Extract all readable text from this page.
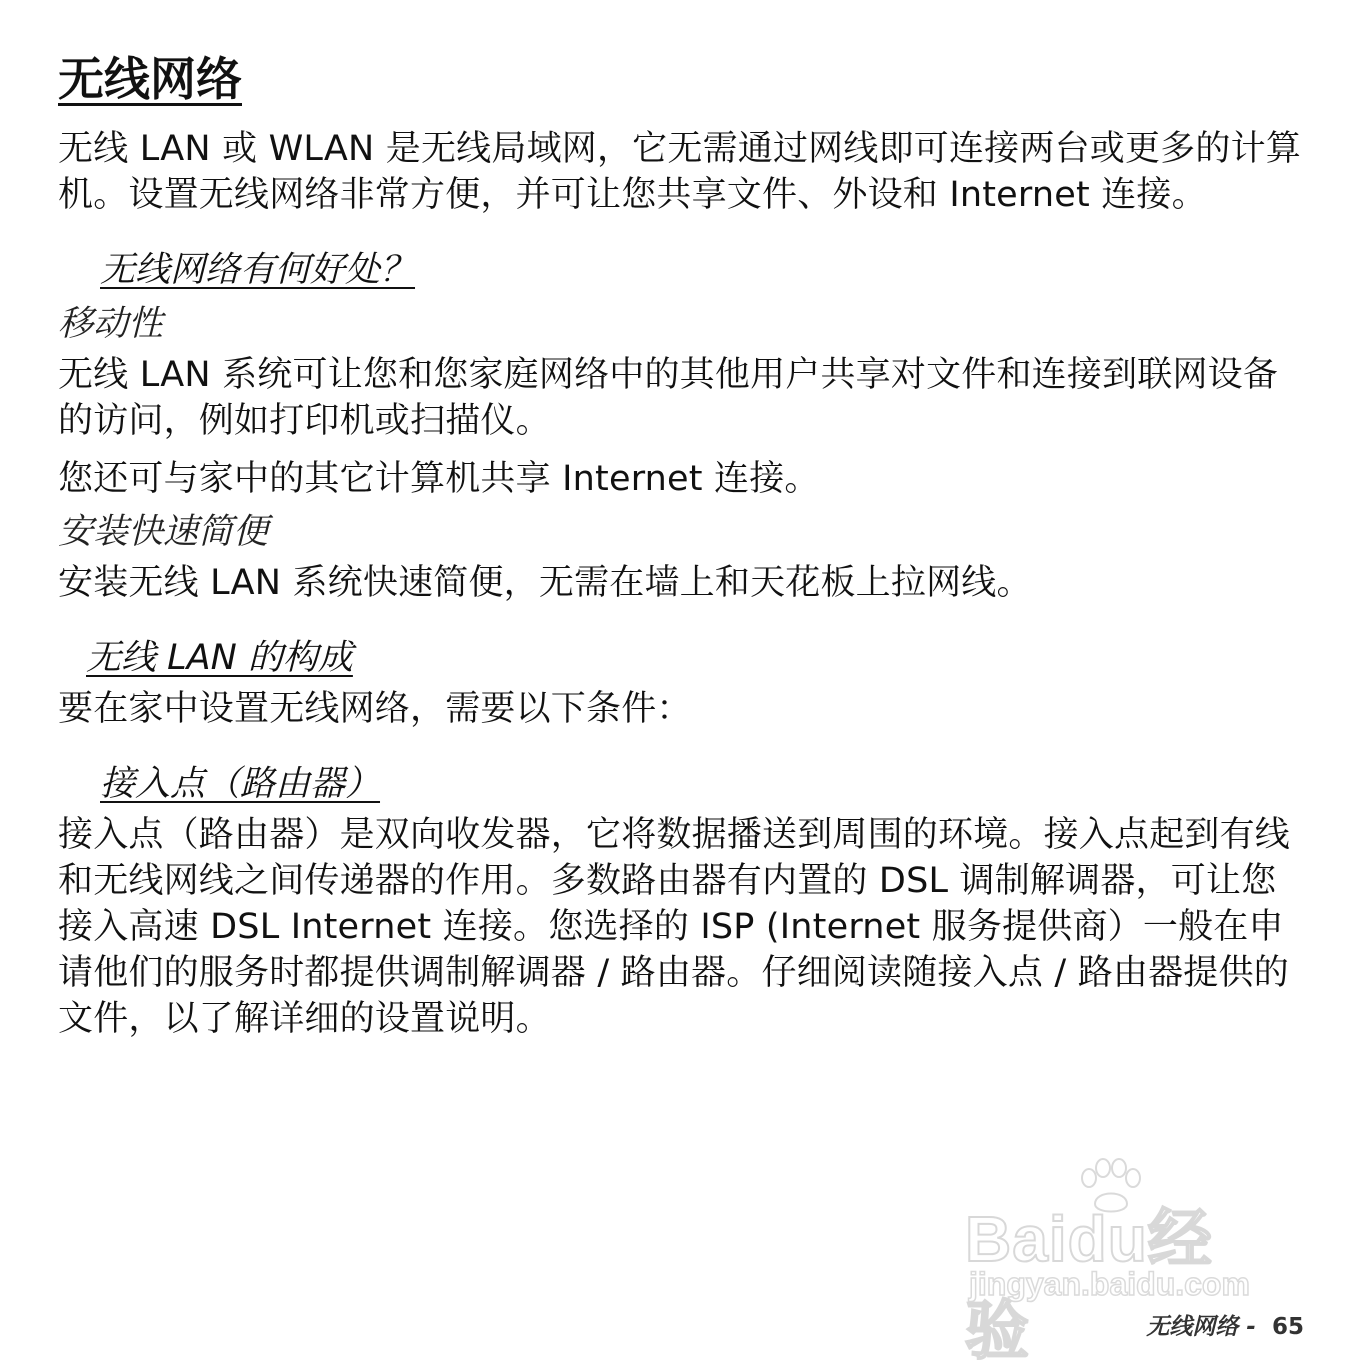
无线网络

无线 LAN 或 WLAN 是无线局域网，它无需通过网线即可连接两台或更多的计算机。设置无线网络非常方便，并可让您共享文件、外设和 Internet 连接。

无线网络有何好处？
移动性

无线 LAN 系统可让您和您家庭网络中的其他用户共享对文件和连接到联网设备的访问，例如打印机或扫描仪。

您还可与家中的其它计算机共享 Internet 连接。

安装快速简便

安装无线 LAN 系统快速简便，无需在墙上和天花板上拉网线。

无线 LAN 的构成

要在家中设置无线网络，需要以下条件：

接入点（路由器）

接入点（路由器）是双向收发器，它将数据播送到周围的环境。接入点起到有线和无线网线之间传递器的作用。多数路由器有内置的 DSL 调制解调器，可让您接入高速 DSL Internet 连接。您选择的 ISP (Internet 服务提供商）一般在申请他们的服务时都提供调制解调器 / 路由器。仔细阅读随接入点 / 路由器提供的文件，以了解详细的设置说明。

Baidu经验
jingyan.baidu.com
无线网络 - 65
